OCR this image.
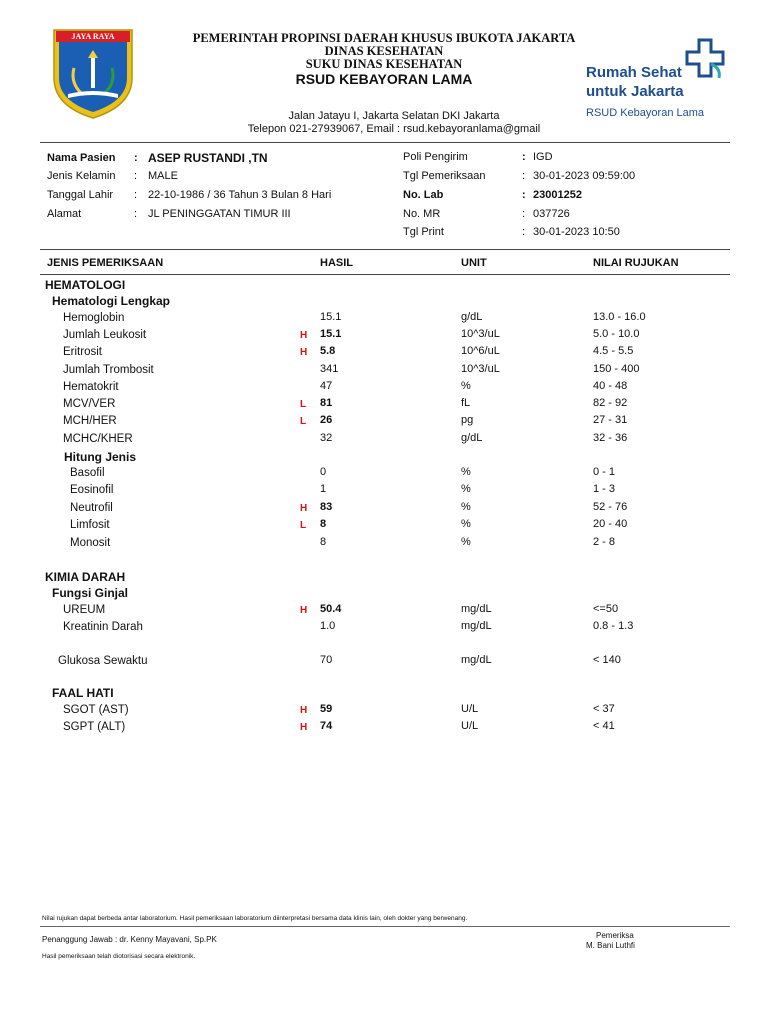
JAYA RAYA	PEMERINTAH PROPINSI DAERAH KHUSUS IBUKOTA JAKARTA
DINAS KESEHATAN
SUKU DINAS KESEHATAN
RSUD KEBAYORAN LAMA
Jalan Jatayu I, Jakarta Selatan DKI Jakarta
Telepon 021-27939067, Email : rsud.kebayoranlama@gmail
Rumah Sehat
untuk Jakarta
RSUD Kebayoran Lama
Nama Pasien : ASEP RUSTANDI ,TN
Jenis Kelamin : MALE
Tanggal Lahir : 22-10-1986 / 36 Tahun 3 Bulan 8 Hari
Alamat	: JL PENINGGATAN TIMUR III
Poli Pengirim	: IGD
Tgl Pemeriksaan	: 30-01-2023 09:59:00
No. Lab	: 23001252
No. MR	: 037726
Tgl Print	: 30-01-2023 10:50
JENIS PEMERIKSAAN	HASIL	UNIT	NILAI RUJUKAN
HEMATOLOGI
Hematologi Lengkap
Hitung Jenis
KIMIA DARAH
Fungsi Ginjal
FAAL HATI
Hemoglobin	15.1	g/dL	13.0 - 16.0
Jumlah Leukosit	H 15.1	10^3/uL	5.0 - 10.0
Eritrosit	H 5.8	10^6/uL	4.5 - 5.5
Jumlah Trombosit	341	10^3/uL	150 - 400
Hematokrit	47	%	40 - 48
MCV/VER	L 81	fL	82 - 92
MCH/HER	L 26	pg	27 - 31
MCHC/KHER	32	g/dL	32 - 36
Basofil	0	%	0 - 1
Eosinofil	1	%	1 - 3
Neutrofil	H 83	%	52 - 76
Limfosit	L 8	%	20 - 40
Monosit	8	%	2 - 8
UREUM	H 50.4	mg/dL	<=50
Kreatinin Darah	1.0	mg/dL	0.8 - 1.3
Glukosa Sewaktu	70	mg/dL	< 140
SGOT (AST)	H 59	U/L	< 37
SGPT (ALT)	H 74	U/L	< 41
Nilai rujukan dapat berbeda antar laboratorium. Hasil pemeriksaan laboratorium diinterpretasi bersama data klinis lain, oleh dokter yang berwenang.
Penanggung Jawab : dr. Kenny Mayavani, Sp.PK	Pemeriksa
M. Bani Luthfi
Hasil pemeriksaan telah diotorisasi secara elektronik.
